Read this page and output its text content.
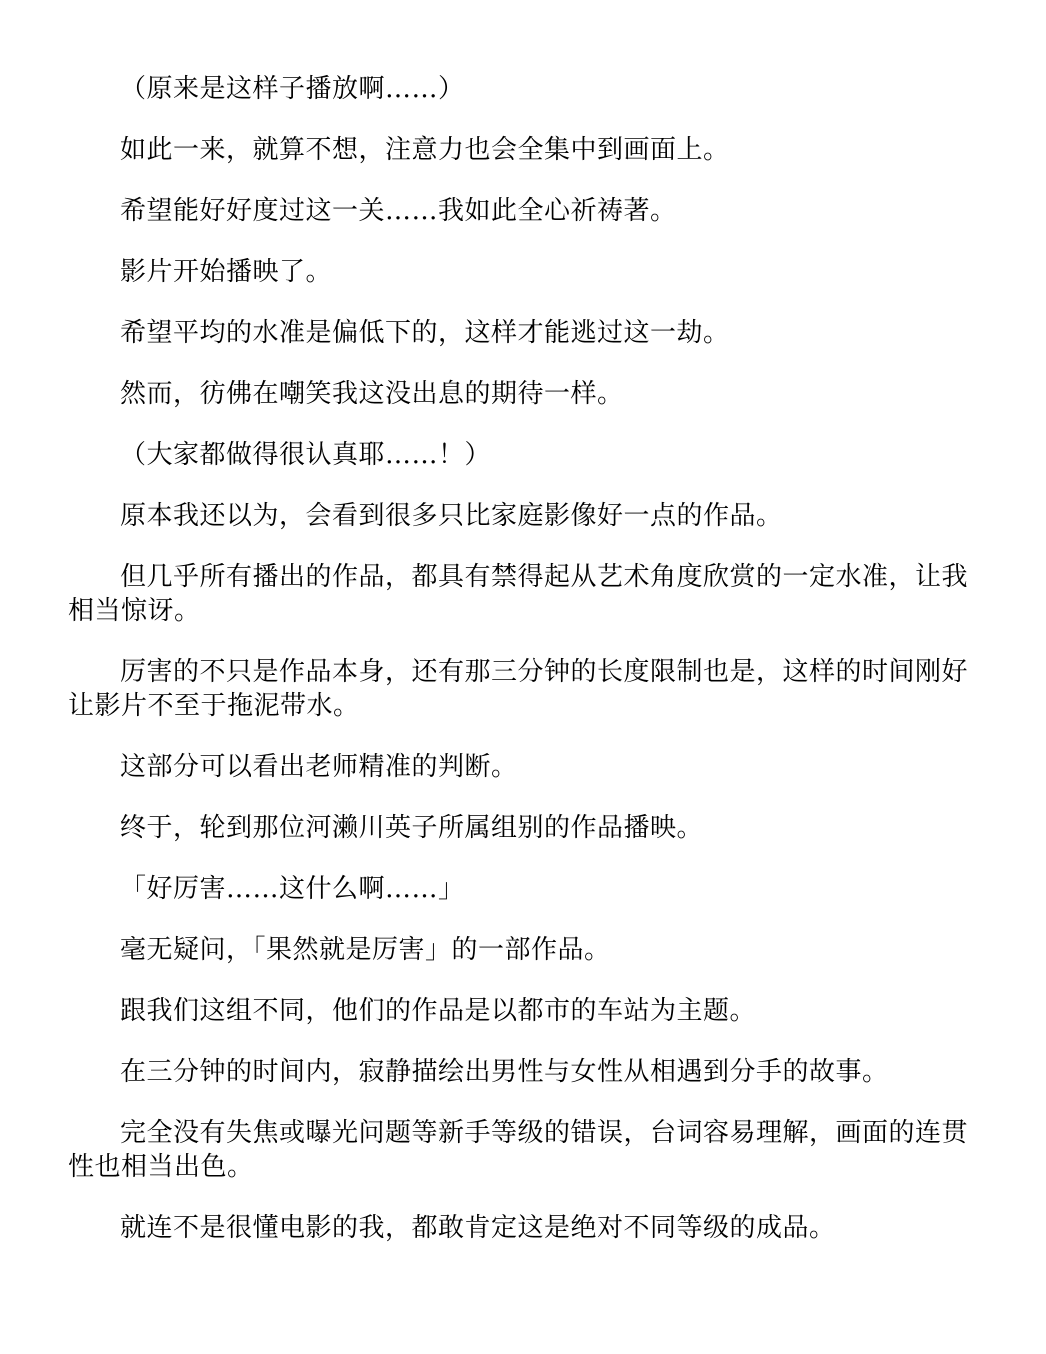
（原来是这样子播放啊……）

如此一来，就算不想，注意力也会全集中到画面上。

希望能好好度过这一关……我如此全心祈祷著。

影片开始播映了。

希望平均的水准是偏低下的，这样才能逃过这一劫。

然而，彷佛在嘲笑我这没出息的期待一样。

（大家都做得很认真耶……！）

原本我还以为，会看到很多只比家庭影像好一点的作品。

但几乎所有播出的作品，都具有禁得起从艺术角度欣赏的一定水准，让我相当惊讶。

厉害的不只是作品本身，还有那三分钟的长度限制也是，这样的时间刚好让影片不至于拖泥带水。

这部分可以看出老师精准的判断。

终于，轮到那位河濑川英子所属组别的作品播映。

「好厉害……这什么啊……」

毫无疑问，「果然就是厉害」的一部作品。

跟我们这组不同，他们的作品是以都市的车站为主题。

在三分钟的时间内，寂静描绘出男性与女性从相遇到分手的故事。

完全没有失焦或曝光问题等新手等级的错误，台词容易理解，画面的连贯性也相当出色。

就连不是很懂电影的我，都敢肯定这是绝对不同等级的成品。
